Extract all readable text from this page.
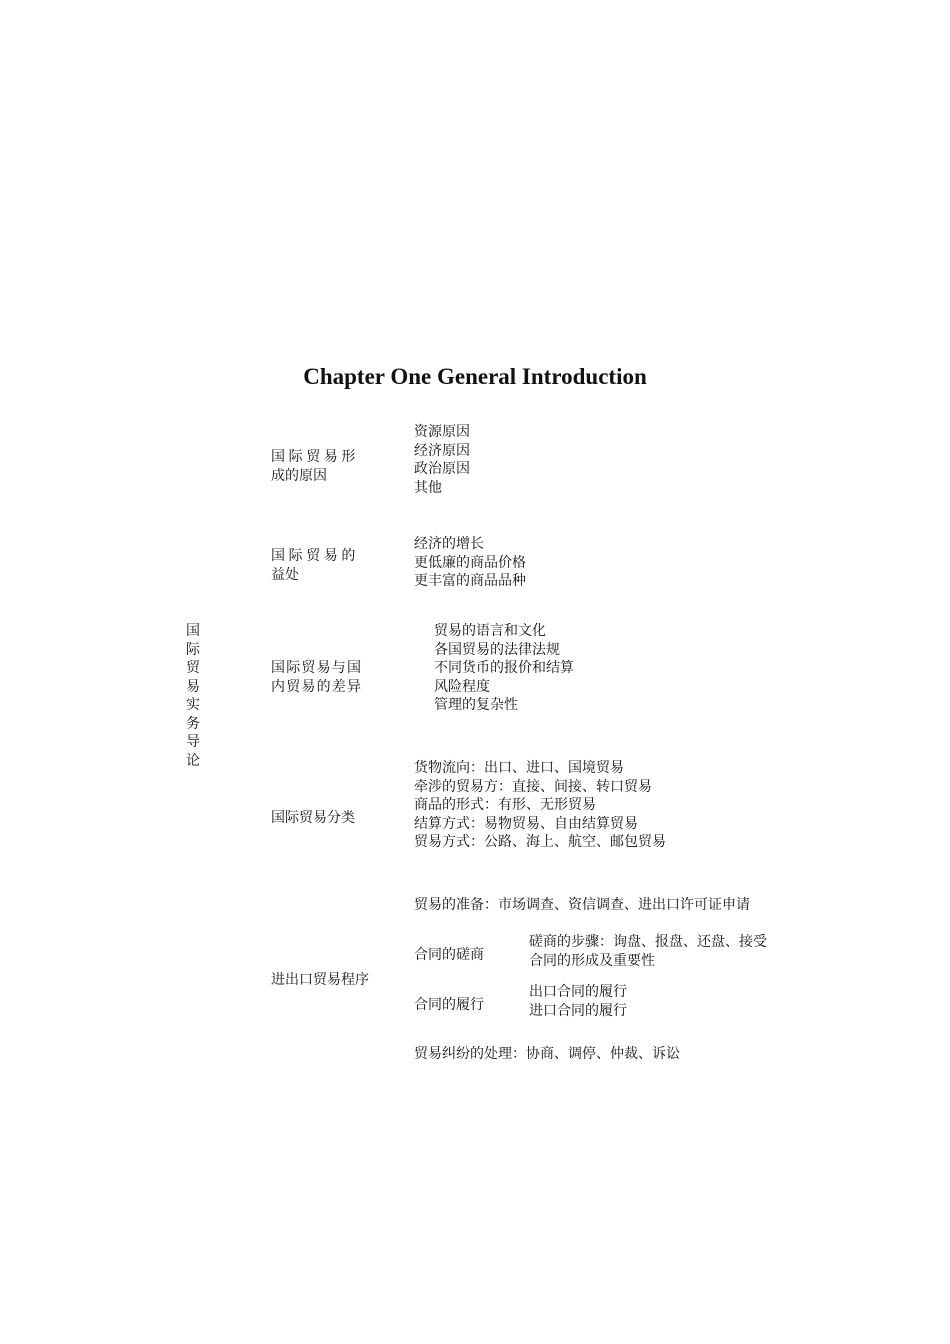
Chapter One General Introduction
国
际
贸
易
实
务
导
论
国际贸易形
成的原因
资源原因
经济原因
政治原因
其他
国际贸易的
益处
经济的增长
更低廉的商品价格
更丰富的商品品种
国际贸易与国
内贸易的差异
贸易的语言和文化
各国贸易的法律法规
不同货币的报价和结算
风险程度
管理的复杂性
国际贸易分类
货物流向：出口、进口、国境贸易
牵涉的贸易方：直接、间接、转口贸易
商品的形式：有形、无形贸易
结算方式：易物贸易、自由结算贸易
贸易方式：公路、海上、航空、邮包贸易
进出口贸易程序
贸易的准备：市场调查、资信调查、进出口许可证申请
合同的磋商
磋商的步骤：询盘、报盘、还盘、接受
合同的形成及重要性
合同的履行
出口合同的履行
进口合同的履行
贸易纠纷的处理：协商、调停、仲裁、诉讼
